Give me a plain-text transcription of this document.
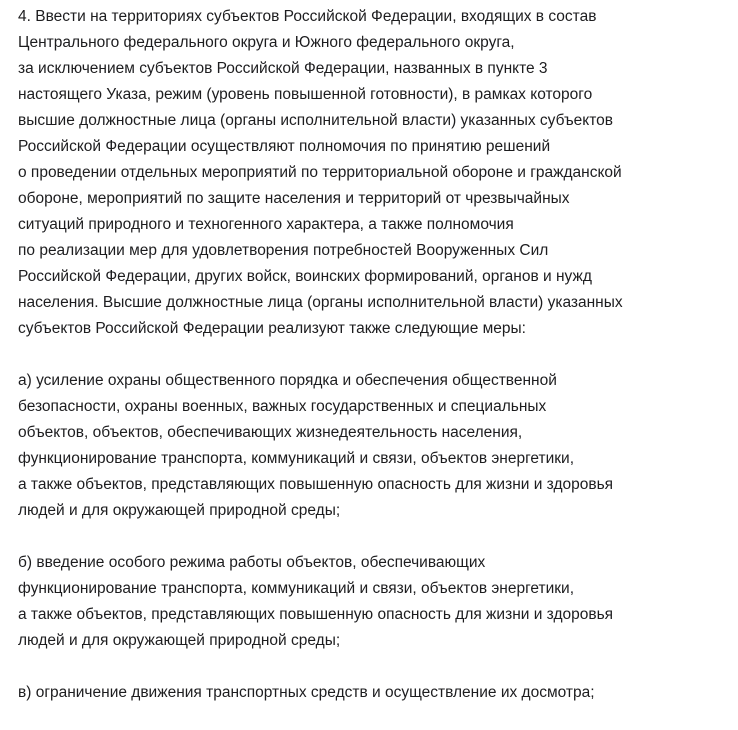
4. Ввести на территориях субъектов Российской Федерации, входящих в состав
Центрального федерального округа и Южного федерального округа,
за исключением субъектов Российской Федерации, названных в пункте 3
настоящего Указа, режим (уровень повышенной готовности), в рамках которого
высшие должностные лица (органы исполнительной власти) указанных субъектов
Российской Федерации осуществляют полномочия по принятию решений
о проведении отдельных мероприятий по территориальной обороне и гражданской
обороне, мероприятий по защите населения и территорий от чрезвычайных
ситуаций природного и техногенного характера, а также полномочия
по реализации мер для удовлетворения потребностей Вооруженных Сил
Российской Федерации, других войск, воинских формирований, органов и нужд
населения. Высшие должностные лица (органы исполнительной власти) указанных
субъектов Российской Федерации реализуют также следующие меры:
а) усиление охраны общественного порядка и обеспечения общественной
безопасности, охраны военных, важных государственных и специальных
объектов, объектов, обеспечивающих жизнедеятельность населения,
функционирование транспорта, коммуникаций и связи, объектов энергетики,
а также объектов, представляющих повышенную опасность для жизни и здоровья
людей и для окружающей природной среды;
б) введение особого режима работы объектов, обеспечивающих
функционирование транспорта, коммуникаций и связи, объектов энергетики,
а также объектов, представляющих повышенную опасность для жизни и здоровья
людей и для окружающей природной среды;
в) ограничение движения транспортных средств и осуществление их досмотра;
